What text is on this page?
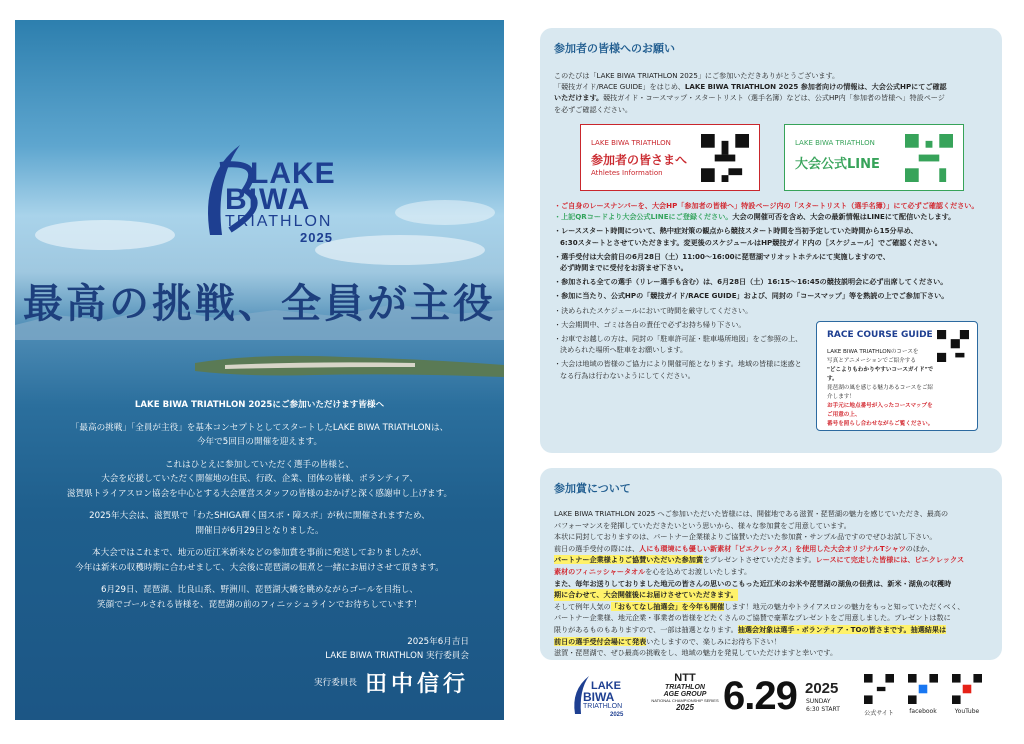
LAKE
BIWA
TRIATHLON
2025
最高の挑戦、全員が主役

LAKE BIWA TRIATHLON 2025にご参加いただけます皆様へ

「最高の挑戦」「全員が主役」を基本コンセプトとしてスタートしたLAKE BIWA TRIATHLONは、
今年で5回目の開催を迎えます。

これはひとえに参加していただく選手の皆様と、
大会を応援していただく開催地の住民、行政、企業、団体の皆様、ボランティア、
滋賀県トライアスロン協会を中心とする大会運営スタッフの皆様のおかげと深く感謝申し上げます。

2025年大会は、滋賀県で「わたSHIGA輝く国スポ・障スポ」が秋に開催されますため、
開催日が6月29日となりました。

本大会ではこれまで、地元の近江米新米などの参加賞を事前に発送しておりましたが、
今年は新米の収穫時期に合わせまして、大会後に琵琶湖の佃煮と一緒にお届けさせて頂きます。

6月29日、琵琶湖、比良山系、野洲川、琵琶湖大橋を眺めながらゴールを目指し、
笑顔でゴールされる皆様を、琵琶湖の前のフィニッシュラインでお待ちしています！

2025年6月吉日
LAKE BIWA TRIATHLON 実行委員会
実行委員長 田中信行
参加者の皆様へのお願い
このたびは「LAKE BIWA TRIATHLON 2025」にご参加いただきありがとうございます。
「競技ガイド/RACE GUIDE」をはじめ、LAKE BIWA TRIATHLON 2025 参加者向けの情報は、大会公式HPにてご確認
いただけます。競技ガイド・コースマップ・スタートリスト（選手名簿）などは、公式HP内「参加者の皆様へ」特設ページ
を必ずご確認ください。
LAKE BIWA TRIATHLON
参加者の皆さまへ
Athletes Information
LAKE BIWA TRIATHLON
大会公式LINE
・ご自身のレースナンバーを、大会HP「参加者の皆様へ」特設ページ内の「スタートリスト（選手名簿）」にて必ずご確認ください。
・上記QRコードより大会公式LINEにご登録ください。大会の開催可否を含め、大会の最新情報はLINEにて配信いたします。
・レーススタート時間について、熱中症対策の観点から競技スタート時間を当初予定していた時間から15分早め、
6:30スタートとさせていただきます。変更後のスケジュールはHP競技ガイド内の［スケジュール］でご確認ください。
・選手受付は大会前日の6月28日（土）11:00〜16:00に琵琶湖マリオットホテルにて実施しますので、
必ず時間までに受付をお済ませ下さい。
・参加される全ての選手（リレー選手も含む）は、6月28日（土）16:15〜16:45の競技説明会に必ず出席してください。
・参加に当たり、公式HPの「競技ガイド/RACE GUIDE」および、同封の「コースマップ」等を熟読の上でご参加下さい。
・決められたスケジュールにおいて時間を厳守してください。
・大会期間中、ゴミは各自の責任で必ずお持ち帰り下さい。
・お車でお越しの方は、同封の「駐車許可証・駐車場所地図」をご参照の上、
決められた場所へ駐車をお願いします。
・大会は地域の皆様のご協力により開催可能となります。地域の皆様に迷惑と
なる行為は行わないようにしてください。
RACE COURSE GUIDE
LAKE BIWA TRIATHLONのコースを
写真とアニメーションでご紹介する
"どこよりもわかりやすいコースガイド"です。
琵琶湖の風を感じる魅力あるコースをご紹介します！
お手元に地点番号が入ったコースマップをご用意の上、
番号を照らし合わせながらご覧ください。
参加賞について
LAKE BIWA TRIATHLON 2025 へご参加いただいた皆様には、開催地である滋賀・琵琶湖の魅力を感じていただき、最高の
パフォーマンスを発揮していただきたいという思いから、様々な参加賞をご用意しています。
本状に同封しておりますのは、パートナー企業様よりご協賛いただいた参加賞・サンプル品ですのでぜひお試し下さい。
前日の選手受付の際には、人にも環境にも優しい新素材「ピエクレックス」を使用した大会オリジナルTシャツのほか、
パートナー企業様よりご協賛いただいた参加賞をプレゼントさせていただきます。レースにて完走した皆様には、ピエクレックス
素材のフィニッシャータオルを心を込めてお渡しいたします。
また、毎年お送りしておりました地元の皆さんの思いのこもった近江米のお米や琵琶湖の湖魚の佃煮は、新米・湖魚の収穫時
期に合わせて、大会開催後にお届けさせていただきます。
そして例年人気の「おもてなし抽選会」を今年も開催します！地元の魅力やトライアスロンの魅力をもっと知っていただくべく、
パートナー企業様、地元企業・事業者の皆様をどたくさんのご協賛で豪華なプレゼントをご用意しました。プレゼントは数に
限りがあるものもありますので、一部は抽選となります。抽選会対象は選手・ボランティア・TOの皆さまです。抽選結果は
前日の選手受付会場にて発表いたしますので、楽しみにお待ち下さい！
滋賀・琵琶湖で、ぜひ最高の挑戦をし、地域の魅力を発見していただけますと幸いです。
LAKE
BIWA
TRIATHLON
2025
NTT
TRIATHLON
AGE GROUP
NATIONAL CHAMPIONSHIP SERIES
2025 6.29 2025
SUNDAY
6:30 START
公式サイト	facebook	YouTube
